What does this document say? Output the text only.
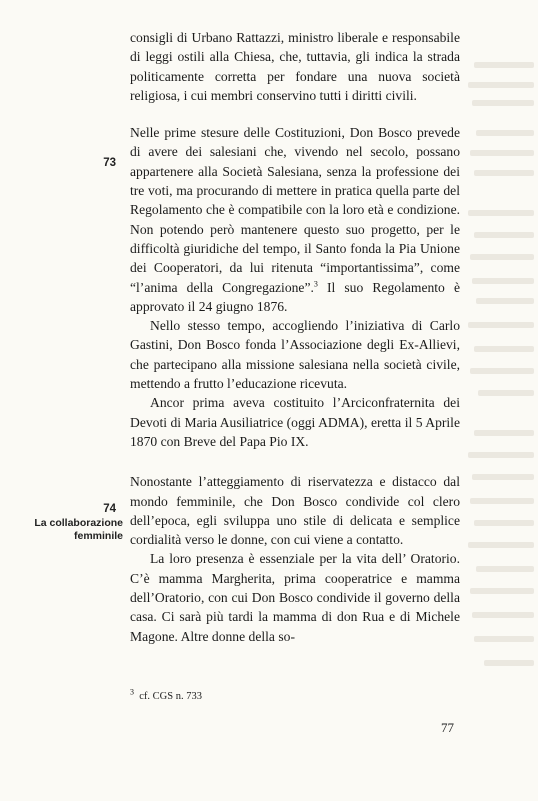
73
74
La collaborazione femminile

consigli di Urbano Rattazzi, ministro liberale e responsabile di leggi ostili alla Chiesa, che, tuttavia, gli indica la strada politicamente corretta per fondare una nuova società religiosa, i cui membri conservino tutti i diritti civili.

Nelle prime stesure delle Costituzioni, Don Bosco prevede di avere dei salesiani che, vivendo nel secolo, possano appartenere alla Società Salesiana, senza la professione dei tre voti, ma procurando di mettere in pratica quella parte del Regolamento che è compatibile con la loro età e condizione. Non potendo però mantenere questo suo progetto, per le difficoltà giuridiche del tempo, il Santo fonda la Pia Unione dei Cooperatori, da lui ritenuta “importantissima”, come “l’anima della Congregazione”.$^3$ Il suo Regolamento è approvato il 24 giugno 1876.

Nello stesso tempo, accogliendo l’iniziativa di Carlo Gastini, Don Bosco fonda l’Associazione degli Ex-Allievi, che partecipano alla missione salesiana nella società civile, mettendo a frutto l’educazione ricevuta.

Ancor prima aveva costituito l’Arciconfraternita dei Devoti di Maria Ausiliatrice (oggi ADMA), eretta il 5 Aprile 1870 con Breve del Papa Pio IX.

Nonostante l’atteggiamento di riservatezza e distacco dal mondo femminile, che Don Bosco condivide col clero dell’epoca, egli sviluppa uno stile di delicata e semplice cordialità verso le donne, con cui viene a contatto.

La loro presenza è essenziale per la vita dell’ Oratorio. C’è mamma Margherita, prima cooperatrice e mamma dell’Oratorio, con cui Don Bosco condivide il governo della casa. Ci sarà più tardi la mamma di don Rua e di Michele Magone. Altre donne della so-

$^3$ cf. CGS n. 733
77
